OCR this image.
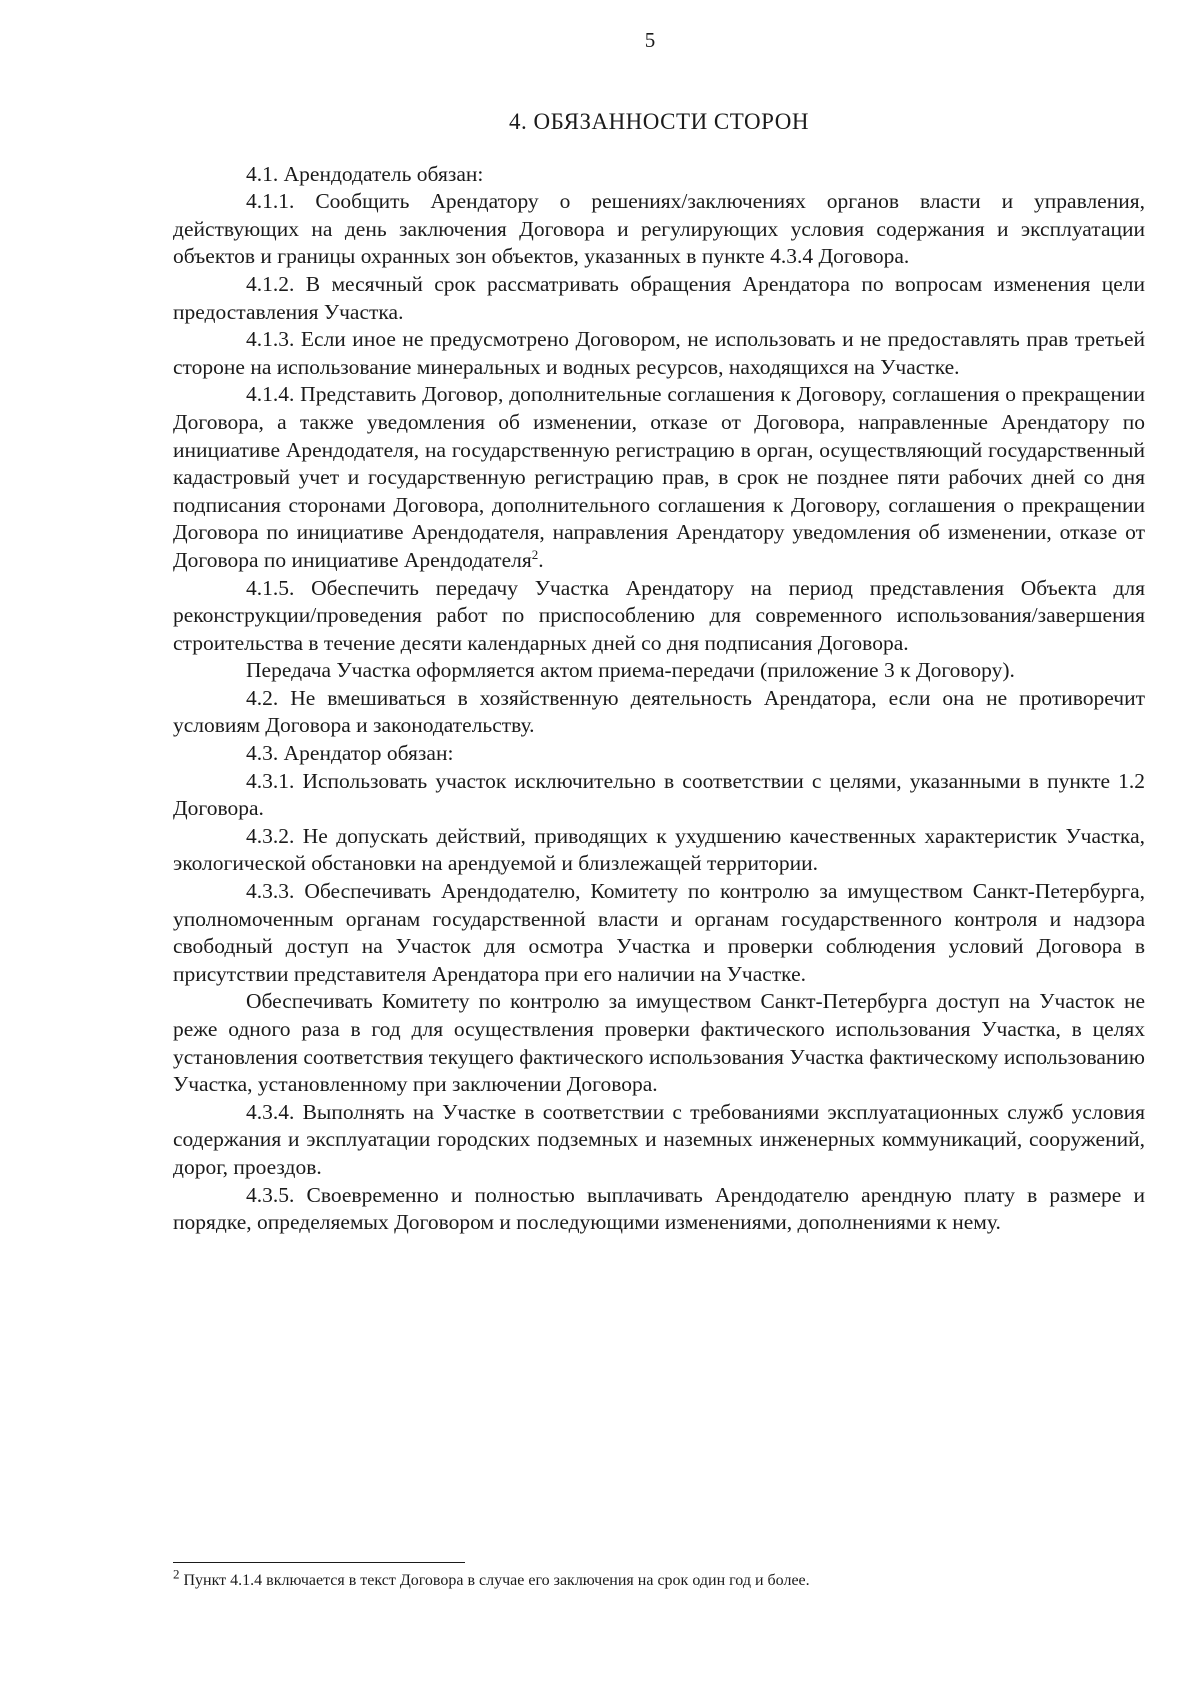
5
4. ОБЯЗАННОСТИ СТОРОН

4.1. Арендодатель обязан:

4.1.1. Сообщить Арендатору о решениях/заключениях органов власти и управления, действующих на день заключения Договора и регулирующих условия содержания и эксплуатации объектов и границы охранных зон объектов, указанных в пункте 4.3.4 Договора.

4.1.2. В месячный срок рассматривать обращения Арендатора по вопросам изменения цели предоставления Участка.

4.1.3. Если иное не предусмотрено Договором, не использовать и не предоставлять прав третьей стороне на использование минеральных и водных ресурсов, находящихся на Участке.

4.1.4. Представить Договор, дополнительные соглашения к Договору, соглашения о прекращении Договора, а также уведомления об изменении, отказе от Договора, направленные Арендатору по инициативе Арендодателя, на государственную регистрацию в орган, осуществляющий государственный кадастровый учет и государственную регистрацию прав, в срок не позднее пяти рабочих дней со дня подписания сторонами Договора, дополнительного соглашения к Договору, соглашения о прекращении Договора по инициативе Арендодателя, направления Арендатору уведомления об изменении, отказе от Договора по инициативе Арендодателя$^2$.

4.1.5. Обеспечить передачу Участка Арендатору на период представления Объекта для реконструкции/проведения работ по приспособлению для современного использования/завершения строительства в течение десяти календарных дней со дня подписания Договора.

Передача Участка оформляется актом приема-передачи (приложение 3 к Договору).

4.2. Не вмешиваться в хозяйственную деятельность Арендатора, если она не противоречит условиям Договора и законодательству.

4.3. Арендатор обязан:

4.3.1. Использовать участок исключительно в соответствии с целями, указанными в пункте 1.2 Договора.

4.3.2. Не допускать действий, приводящих к ухудшению качественных характеристик Участка, экологической обстановки на арендуемой и близлежащей территории.

4.3.3. Обеспечивать Арендодателю, Комитету по контролю за имуществом Санкт-Петербурга, уполномоченным органам государственной власти и органам государственного контроля и надзора свободный доступ на Участок для осмотра Участка и проверки соблюдения условий Договора в присутствии представителя Арендатора при его наличии на Участке.

Обеспечивать Комитету по контролю за имуществом Санкт-Петербурга доступ на Участок не реже одного раза в год для осуществления проверки фактического использования Участка, в целях установления соответствия текущего фактического использования Участка фактическому использованию Участка, установленному при заключении Договора.

4.3.4. Выполнять на Участке в соответствии с требованиями эксплуатационных служб условия содержания и эксплуатации городских подземных и наземных инженерных коммуникаций, сооружений, дорог, проездов.

4.3.5. Своевременно и полностью выплачивать Арендодателю арендную плату в размере и порядке, определяемых Договором и последующими изменениями, дополнениями к нему.

$^2$ Пункт 4.1.4 включается в текст Договора в случае его заключения на срок один год и более.
